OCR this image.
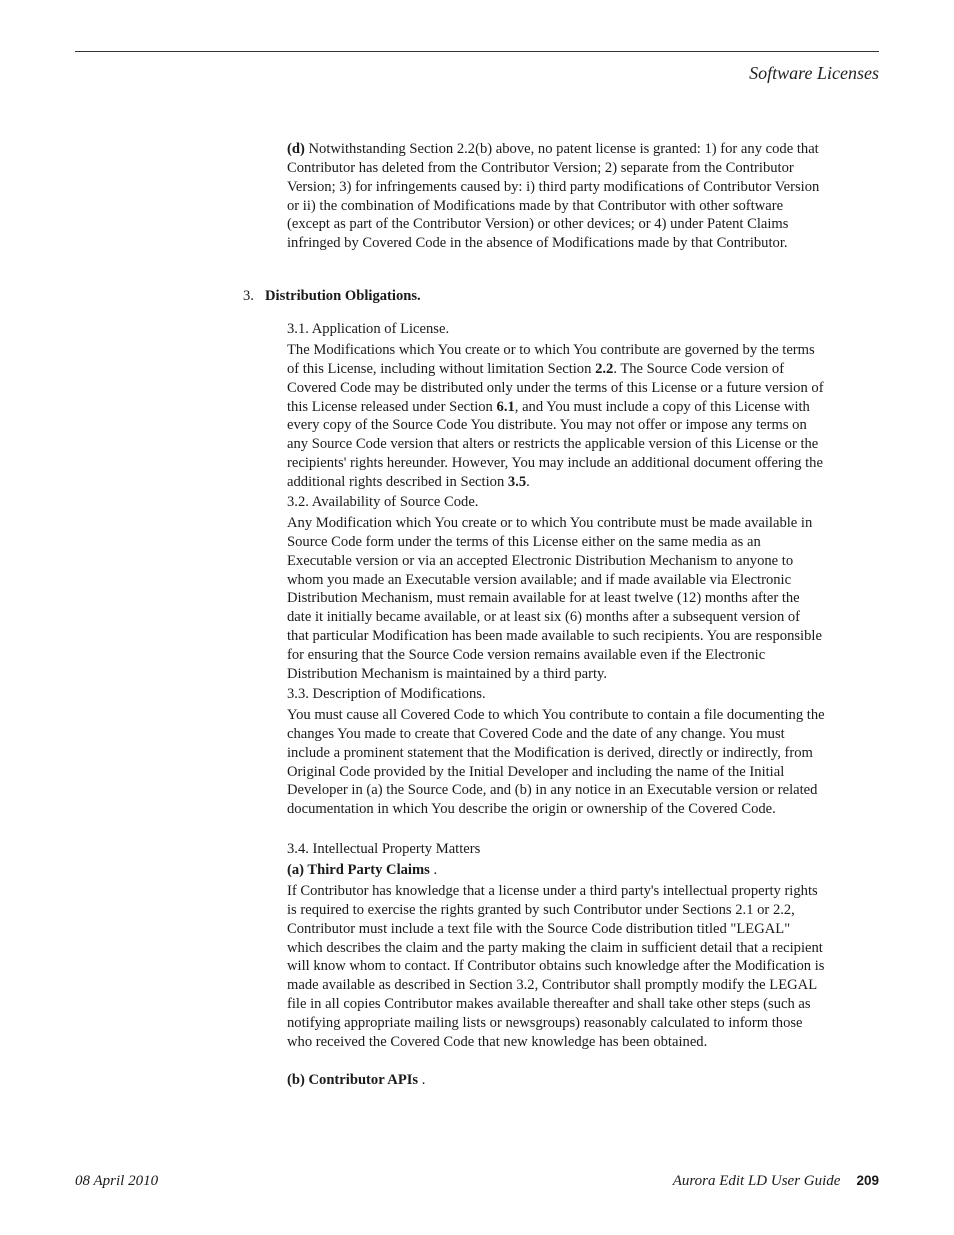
Software Licenses

(d) Notwithstanding Section 2.2(b) above, no patent license is granted: 1) for any code that Contributor has deleted from the Contributor Version; 2) separate from the Contributor Version; 3) for infringements caused by: i) third party modifications of Contributor Version or ii) the combination of Modifications made by that Contributor with other software (except as part of the Contributor Version) or other devices; or 4) under Patent Claims infringed by Covered Code in the absence of Modifications made by that Contributor.

3. Distribution Obligations.

3.1. Application of License.

The Modifications which You create or to which You contribute are governed by the terms of this License, including without limitation Section 2.2. The Source Code version of Covered Code may be distributed only under the terms of this License or a future version of this License released under Section 6.1, and You must include a copy of this License with every copy of the Source Code You distribute. You may not offer or impose any terms on any Source Code version that alters or restricts the applicable version of this License or the recipients' rights hereunder. However, You may include an additional document offering the additional rights described in Section 3.5.

3.2. Availability of Source Code.

Any Modification which You create or to which You contribute must be made available in Source Code form under the terms of this License either on the same media as an Executable version or via an accepted Electronic Distribution Mechanism to anyone to whom you made an Executable version available; and if made available via Electronic Distribution Mechanism, must remain available for at least twelve (12) months after the date it initially became available, or at least six (6) months after a subsequent version of that particular Modification has been made available to such recipients. You are responsible for ensuring that the Source Code version remains available even if the Electronic Distribution Mechanism is maintained by a third party.

3.3. Description of Modifications.

You must cause all Covered Code to which You contribute to contain a file documenting the changes You made to create that Covered Code and the date of any change. You must include a prominent statement that the Modification is derived, directly or indirectly, from Original Code provided by the Initial Developer and including the name of the Initial Developer in (a) the Source Code, and (b) in any notice in an Executable version or related documentation in which You describe the origin or ownership of the Covered Code.

3.4. Intellectual Property Matters

(a) Third Party Claims .

If Contributor has knowledge that a license under a third party's intellectual property rights is required to exercise the rights granted by such Contributor under Sections 2.1 or 2.2, Contributor must include a text file with the Source Code distribution titled "LEGAL" which describes the claim and the party making the claim in sufficient detail that a recipient will know whom to contact. If Contributor obtains such knowledge after the Modification is made available as described in Section 3.2, Contributor shall promptly modify the LEGAL file in all copies Contributor makes available thereafter and shall take other steps (such as notifying appropriate mailing lists or newsgroups) reasonably calculated to inform those who received the Covered Code that new knowledge has been obtained.

(b) Contributor APIs .

08 April 2010	Aurora Edit LD User Guide 209
